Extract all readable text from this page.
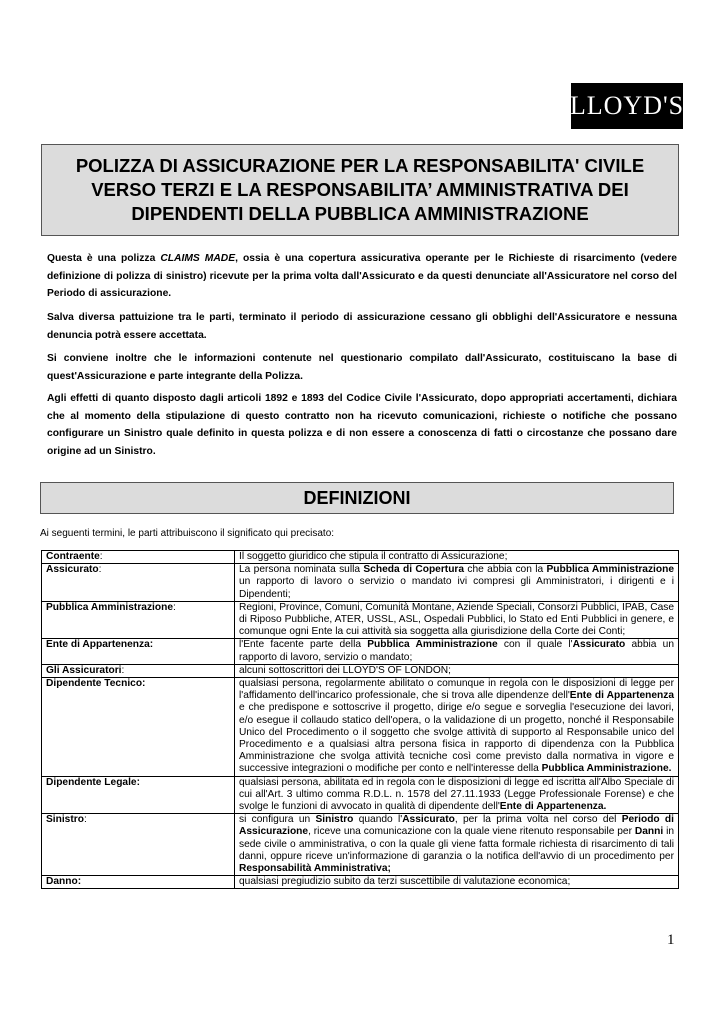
LLOYD'S
POLIZZA DI ASSICURAZIONE PER LA RESPONSABILITA' CIVILE
VERSO TERZI E LA RESPONSABILITA’ AMMINISTRATIVA DEI
DIPENDENTI DELLA PUBBLICA AMMINISTRAZIONE
Questa è una polizza CLAIMS MADE, ossia è una copertura assicurativa operante per le Richieste di risarcimento (vedere definizione di polizza di sinistro) ricevute per la prima volta dall'Assicurato e da questi denunciate all'Assicuratore nel corso del Periodo di assicurazione.
Salva diversa pattuizione tra le parti, terminato il periodo di assicurazione cessano gli obblighi dell'Assicuratore e nessuna denuncia potrà essere accettata.
Si conviene inoltre che le informazioni contenute nel questionario compilato dall'Assicurato, costituiscano la base di quest'Assicurazione e parte integrante della Polizza.
Agli effetti di quanto disposto dagli articoli 1892 e 1893 del Codice Civile l'Assicurato, dopo appropriati accertamenti, dichiara che al momento della stipulazione di questo contratto non ha ricevuto comunicazioni, richieste o notifiche che possano configurare un Sinistro quale definito in questa polizza e di non essere a conoscenza di fatti o circostanze che possano dare origine ad un Sinistro.
DEFINIZIONI
Ai seguenti termini, le parti attribuiscono il significato qui precisato:
Contraente:	Il soggetto giuridico che stipula il contratto di Assicurazione;
Assicurato:	La persona nominata sulla Scheda di Copertura che abbia con la Pubblica Amministrazione un rapporto di lavoro o servizio o mandato ivi compresi gli Amministratori, i dirigenti e i Dipendenti;
Pubblica Amministrazione:	Regioni, Province, Comuni, Comunità Montane, Aziende Speciali, Consorzi Pubblici, IPAB, Case di Riposo Pubbliche, ATER, USSL, ASL, Ospedali Pubblici, lo Stato ed Enti Pubblici in genere, e comunque ogni Ente la cui attività sia soggetta alla giurisdizione della Corte dei Conti;
Ente di Appartenenza:	l'Ente facente parte della Pubblica Amministrazione con il quale l'Assicurato abbia un rapporto di lavoro, servizio o mandato;
Gli Assicuratori:	alcuni sottoscrittori dei LLOYD'S OF LONDON;
Dipendente Tecnico:	qualsiasi persona, regolarmente abilitato o comunque in regola con le disposizioni di legge per l'affidamento dell'incarico professionale, che si trova alle dipendenze dell'Ente di Appartenenza e che predispone e sottoscrive il progetto, dirige e/o segue e sorveglia l'esecuzione dei lavori, e/o esegue il collaudo statico dell'opera, o la validazione di un progetto, nonché il Responsabile Unico del Procedimento o il soggetto che svolge attività di supporto al Responsabile unico del Procedimento e a qualsiasi altra persona fisica in rapporto di dipendenza con la Pubblica Amministrazione che svolga attività tecniche così come previsto dalla normativa in vigore e successive integrazioni o modifiche per conto e nell'interesse della Pubblica Amministrazione.
Dipendente Legale:	qualsiasi persona, abilitata ed in regola con le disposizioni di legge ed iscritta all'Albo Speciale di cui all'Art. 3 ultimo comma R.D.L. n. 1578 del 27.11.1933 (Legge Professionale Forense) e che svolge le funzioni di avvocato in qualità di dipendente dell'Ente di Appartenenza.
Sinistro:	si configura un Sinistro quando l'Assicurato, per la prima volta nel corso del Periodo di Assicurazione, riceve una comunicazione con la quale viene ritenuto responsabile per Danni in sede civile o amministrativa, o con la quale gli viene fatta formale richiesta di risarcimento di tali danni, oppure riceve un'informazione di garanzia o la notifica dell'avvio di un procedimento per Responsabilità Amministrativa;
Danno:	qualsiasi pregiudizio subito da terzi suscettibile di valutazione economica;
1
